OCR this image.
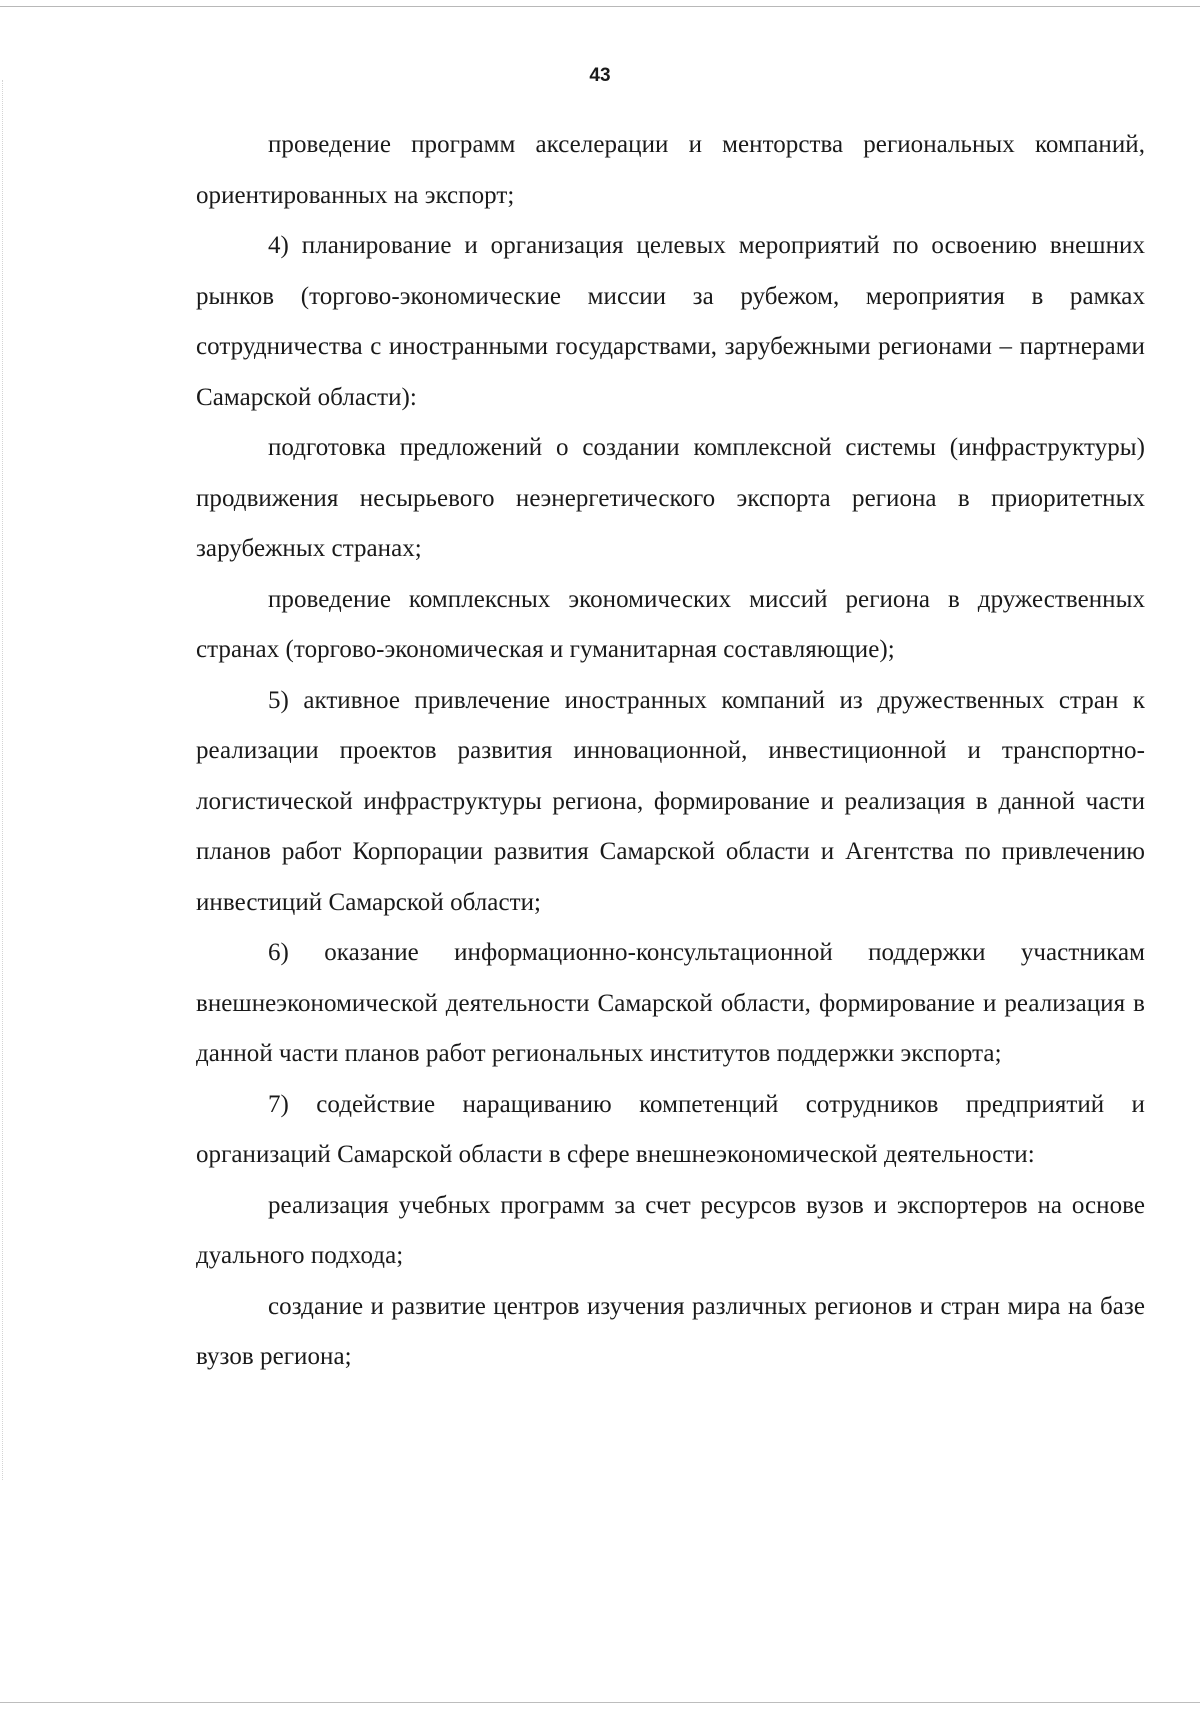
43

проведение программ акселерации и менторства региональных компаний, ориентированных на экспорт;

4) планирование и организация целевых мероприятий по освоению внешних рынков (торгово-экономические миссии за рубежом, мероприятия в рамках сотрудничества с иностранными государствами, зарубежными регионами – партнерами Самарской области):

подготовка предложений о создании комплексной системы (инфраструктуры) продвижения несырьевого неэнергетического экспорта региона в приоритетных зарубежных странах;

проведение комплексных экономических миссий региона в дружественных странах (торгово-экономическая и гуманитарная составляющие);

5) активное привлечение иностранных компаний из дружественных стран к реализации проектов развития инновационной, инвестиционной и транспортно-логистической инфраструктуры региона, формирование и реализация в данной части планов работ Корпорации развития Самарской области и Агентства по привлечению инвестиций Самарской области;

6) оказание информационно-консультационной поддержки участникам внешнеэкономической деятельности Самарской области, формирование и реализация в данной части планов работ региональных институтов поддержки экспорта;

7) содействие наращиванию компетенций сотрудников предприятий и организаций Самарской области в сфере внешнеэкономической деятельности:

реализация учебных программ за счет ресурсов вузов и экспортеров на основе дуального подхода;

создание и развитие центров изучения различных регионов и стран мира на базе вузов региона;
